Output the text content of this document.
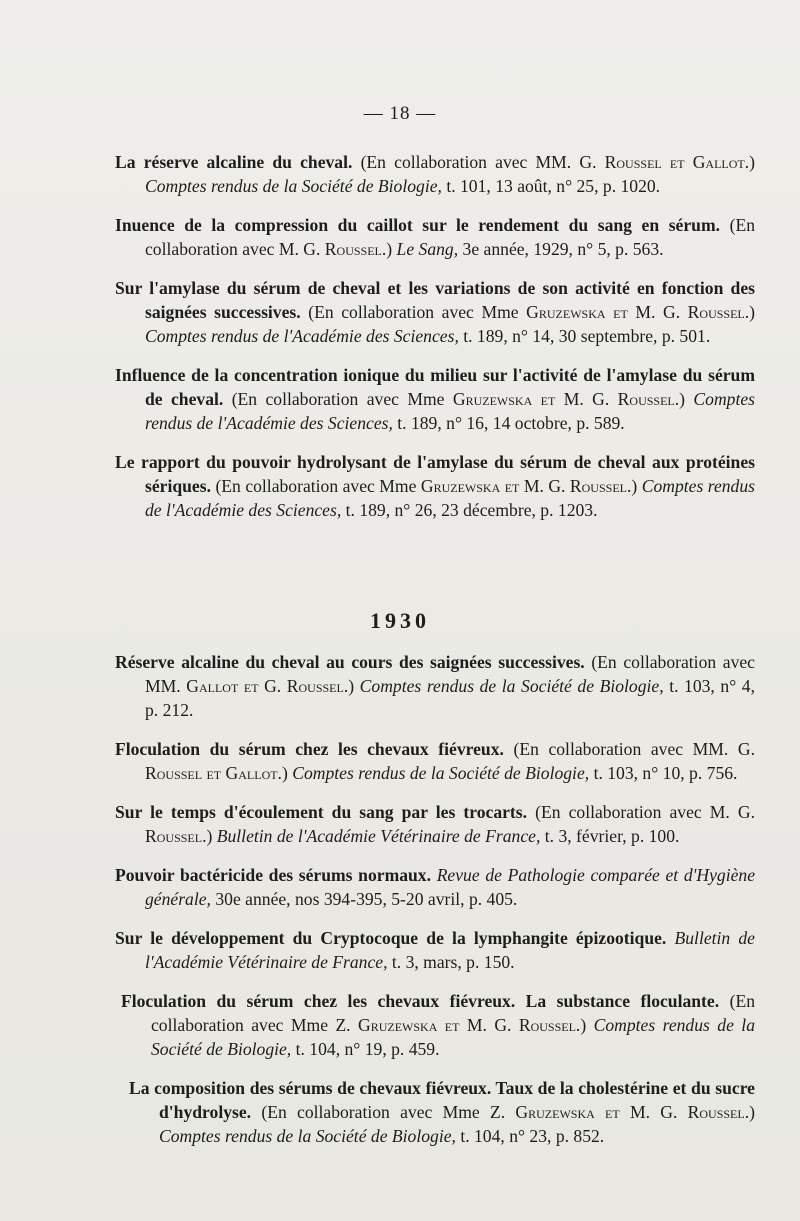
— 18 —

La réserve alcaline du cheval. (En collaboration avec MM. G. Roussel et Gallot.) Comptes rendus de la Société de Biologie, t. 101, 13 août, n° 25, p. 1020.

Inuence de la compression du caillot sur le rendement du sang en sérum. (En collaboration avec M. G. Roussel.) Le Sang, 3e année, 1929, n° 5, p. 563.

Sur l'amylase du sérum de cheval et les variations de son activité en fonction des saignées successives. (En collaboration avec Mme Gruzewska et M. G. Roussel.) Comptes rendus de l'Académie des Sciences, t. 189, n° 14, 30 septembre, p. 501.

Influence de la concentration ionique du milieu sur l'activité de l'amylase du sérum de cheval. (En collaboration avec Mme Gruzewska et M. G. Roussel.) Comptes rendus de l'Académie des Sciences, t. 189, n° 16, 14 octobre, p. 589.

Le rapport du pouvoir hydrolysant de l'amylase du sérum de cheval aux protéines sériques. (En collaboration avec Mme Gruzewska et M. G. Roussel.) Comptes rendus de l'Académie des Sciences, t. 189, n° 26, 23 décembre, p. 1203.

1930

Réserve alcaline du cheval au cours des saignées successives. (En collaboration avec MM. Gallot et G. Roussel.) Comptes rendus de la Société de Biologie, t. 103, n° 4, p. 212.

Floculation du sérum chez les chevaux fiévreux. (En collaboration avec MM. G. Roussel et Gallot.) Comptes rendus de la Société de Biologie, t. 103, n° 10, p. 756.

Sur le temps d'écoulement du sang par les trocarts. (En collaboration avec M. G. Roussel.) Bulletin de l'Académie Vétérinaire de France, t. 3, février, p. 100.

Pouvoir bactéricide des sérums normaux. Revue de Pathologie comparée et d'Hygiène générale, 30e année, nos 394-395, 5-20 avril, p. 405.

Sur le développement du Cryptocoque de la lymphangite épizootique. Bulletin de l'Académie Vétérinaire de France, t. 3, mars, p. 150.

Floculation du sérum chez les chevaux fiévreux. La substance floculante. (En collaboration avec Mme Z. Gruzewska et M. G. Roussel.) Comptes rendus de la Société de Biologie, t. 104, n° 19, p. 459.

La composition des sérums de chevaux fiévreux. Taux de la cholestérine et du sucre d'hydrolyse. (En collaboration avec Mme Z. Gruzewska et M. G. Roussel.) Comptes rendus de la Société de Biologie, t. 104, n° 23, p. 852.
